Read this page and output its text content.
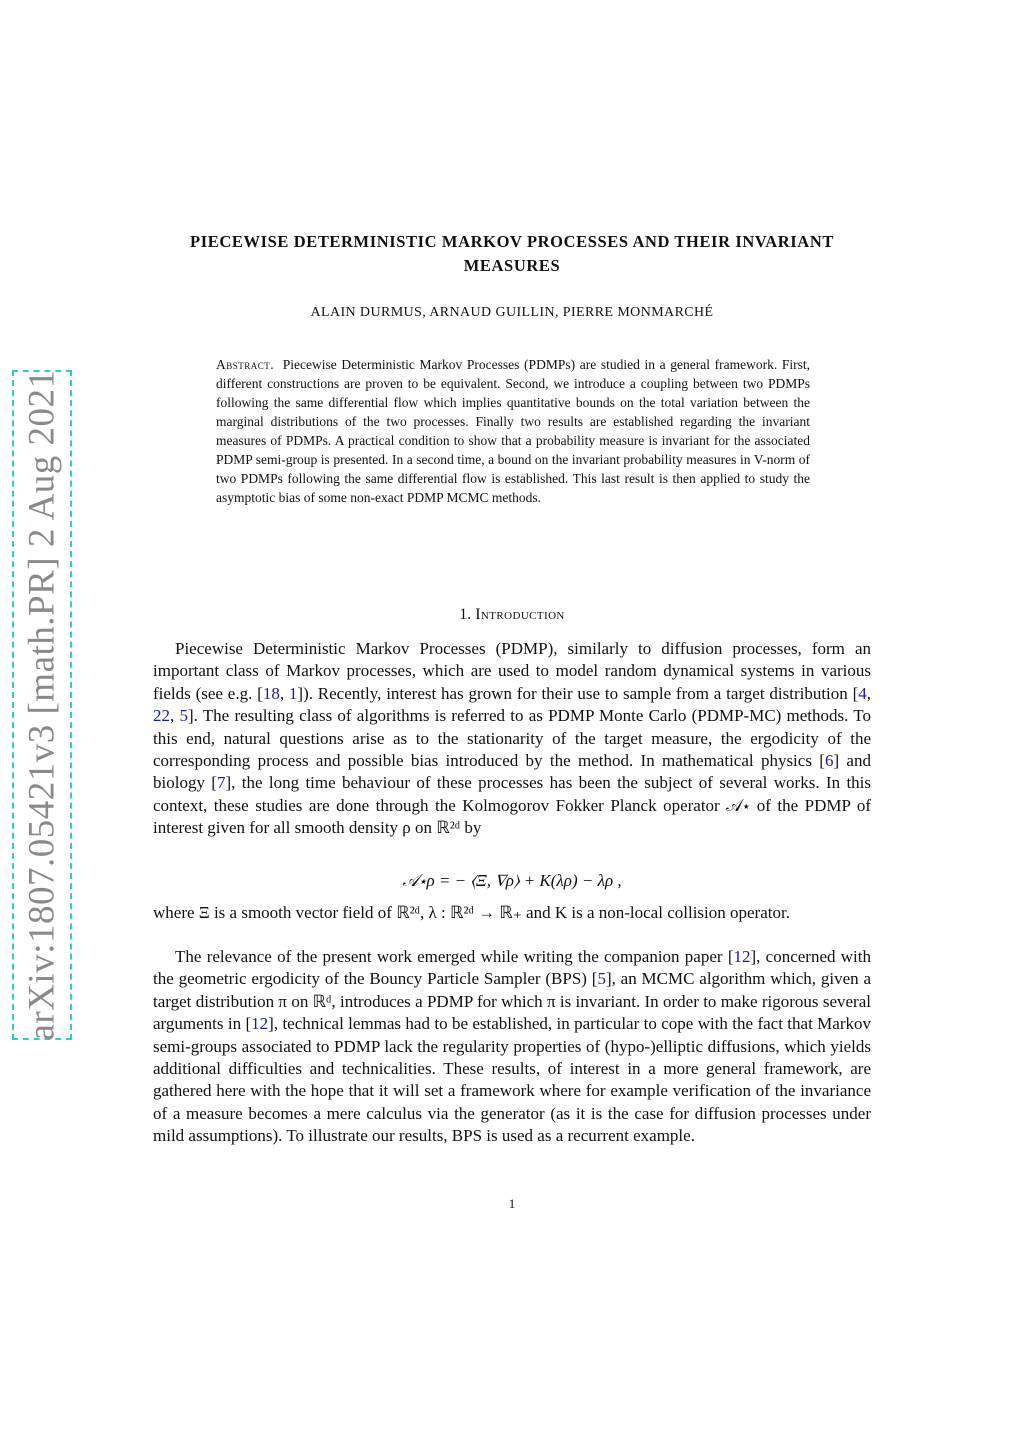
arXiv:1807.05421v3 [math.PR] 2 Aug 2021
PIECEWISE DETERMINISTIC MARKOV PROCESSES AND THEIR INVARIANT MEASURES
ALAIN DURMUS, ARNAUD GUILLIN, PIERRE MONMARCHÉ
Abstract. Piecewise Deterministic Markov Processes (PDMPs) are studied in a general framework. First, different constructions are proven to be equivalent. Second, we introduce a coupling between two PDMPs following the same differential flow which implies quantitative bounds on the total variation between the marginal distributions of the two processes. Finally two results are established regarding the invariant measures of PDMPs. A practical condition to show that a probability measure is invariant for the associated PDMP semi-group is presented. In a second time, a bound on the invariant probability measures in V-norm of two PDMPs following the same differential flow is established. This last result is then applied to study the asymptotic bias of some non-exact PDMP MCMC methods.
1. Introduction
Piecewise Deterministic Markov Processes (PDMP), similarly to diffusion processes, form an important class of Markov processes, which are used to model random dynamical systems in various fields (see e.g. [18, 1]). Recently, interest has grown for their use to sample from a target distribution [4, 22, 5]. The resulting class of algorithms is referred to as PDMP Monte Carlo (PDMP-MC) methods. To this end, natural questions arise as to the stationarity of the target measure, the ergodicity of the corresponding process and possible bias introduced by the method. In mathematical physics [6] and biology [7], the long time behaviour of these processes has been the subject of several works. In this context, these studies are done through the Kolmogorov Fokker Planck operator 𝒜⋆ of the PDMP of interest given for all smooth density ρ on ℝ²ᵈ by
𝒜⋆ρ = − ⟨Ξ, ∇ρ⟩ + K(λρ) − λρ ,
where Ξ is a smooth vector field of ℝ²ᵈ, λ : ℝ²ᵈ → ℝ₊ and K is a non-local collision operator.
The relevance of the present work emerged while writing the companion paper [12], concerned with the geometric ergodicity of the Bouncy Particle Sampler (BPS) [5], an MCMC algorithm which, given a target distribution π on ℝᵈ, introduces a PDMP for which π is invariant. In order to make rigorous several arguments in [12], technical lemmas had to be established, in particular to cope with the fact that Markov semi-groups associated to PDMP lack the regularity properties of (hypo-)elliptic diffusions, which yields additional difficulties and technicalities. These results, of interest in a more general framework, are gathered here with the hope that it will set a framework where for example verification of the invariance of a measure becomes a mere calculus via the generator (as it is the case for diffusion processes under mild assumptions). To illustrate our results, BPS is used as a recurrent example.
1
